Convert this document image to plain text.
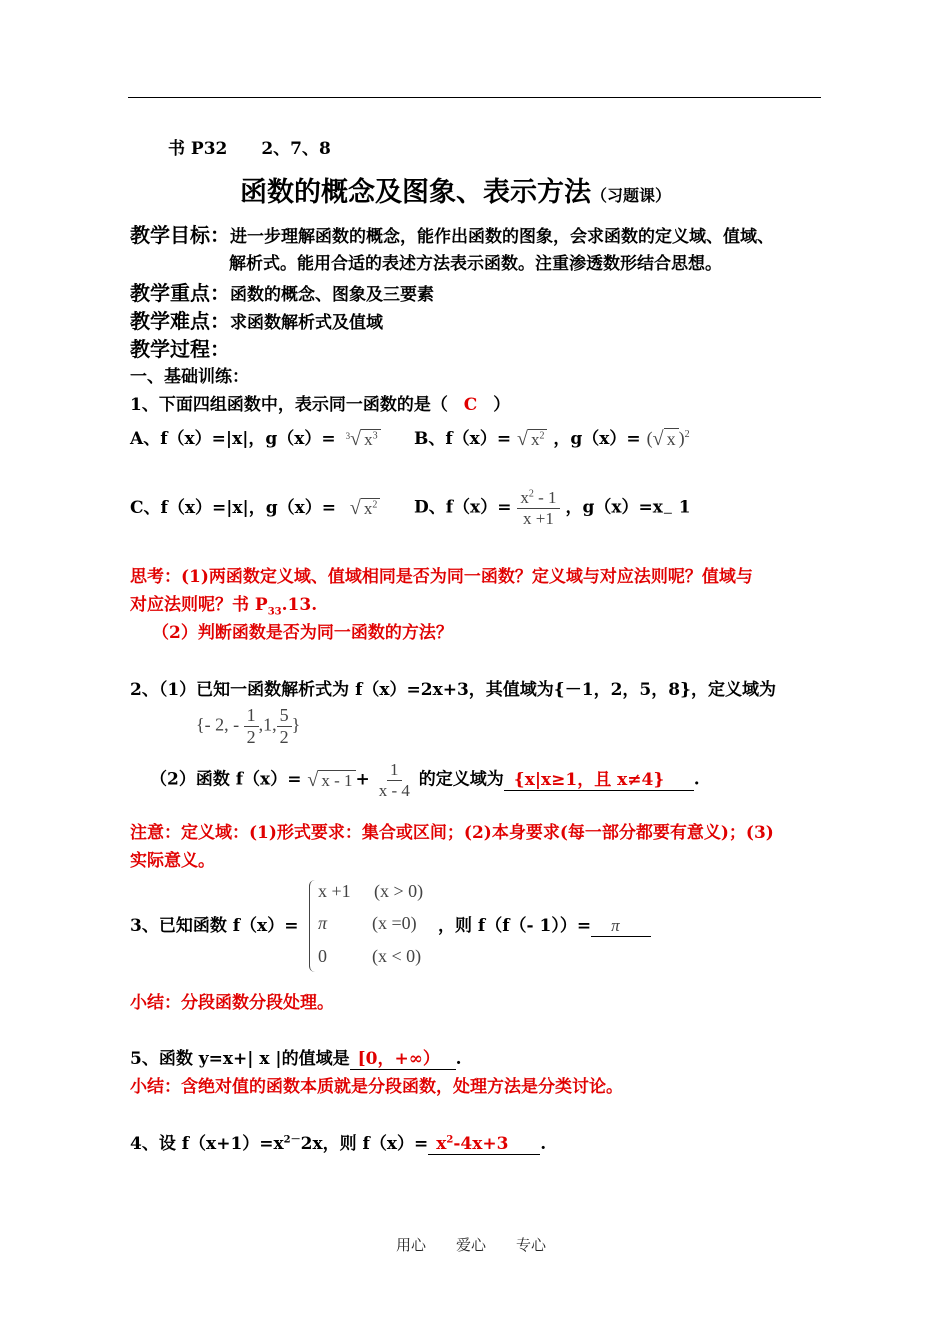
书 P32　　2、7、8
函数的概念及图象、表示方法（习题课）
教学目标：进一步理解函数的概念，能作出函数的图象，会求函数的定义域、值域、
解析式。能用合适的表述方法表示函数。注重渗透数形结合思想。
教学重点：函数的概念、图象及三要素
教学难点：求函数解析式及值域
教学过程：
一、基础训练：
1、下面四组函数中，表示同一函数的是（ C ）
A、f（x）=|x|，g（x）= $^3$√ $x^3$ B、f（x）= √ $x^2$ ，g（x）= (√ x )$^2$
C、f（x）=|x|，g（x）= √ $x^2$ D、$f(x)= \frac{x^2 - 1}{x +1}$ ，$g(x)=x_-$ 1
思考：(1)两函数定义域、值域相同是否为同一函数？定义域与对应法则呢？值域与
对应法则呢？书 $P_{33}.13$.
（2）判断函数是否为同一函数的方法？
2、（1）已知一函数解析式为 f（x）=2x+3，其值域为{－1，2，5，8}，定义域为
{- 2, - $\frac{1}{2} ,1$, $\frac{5}{2}$ }
（2）函数 f（x）= √ $x - 1 + \frac{1}{x - 4}$ 的定义域为 {x|x≥1，且 x≠4} .
注意：定义域：(1)形式要求：集合或区间；(2)本身要求(每一部分都要有意义)；(3)
实际意义。
3、已知函数 f（x）=
x +1 (x > 0)
π (x =0)
0	(x < 0)
，则 f（f（- 1））= π
小结：分段函数分段处理。
5、函数 y=x+| x |的值域是 [0，+∞） .
小结：含绝对值的函数本质就是分段函数，处理方法是分类讨论。
4、设 $f(x+1)=x^{2-}2x$，则 $f(x)= x^2-4x+3$ .
用心　　爱心　　专心
